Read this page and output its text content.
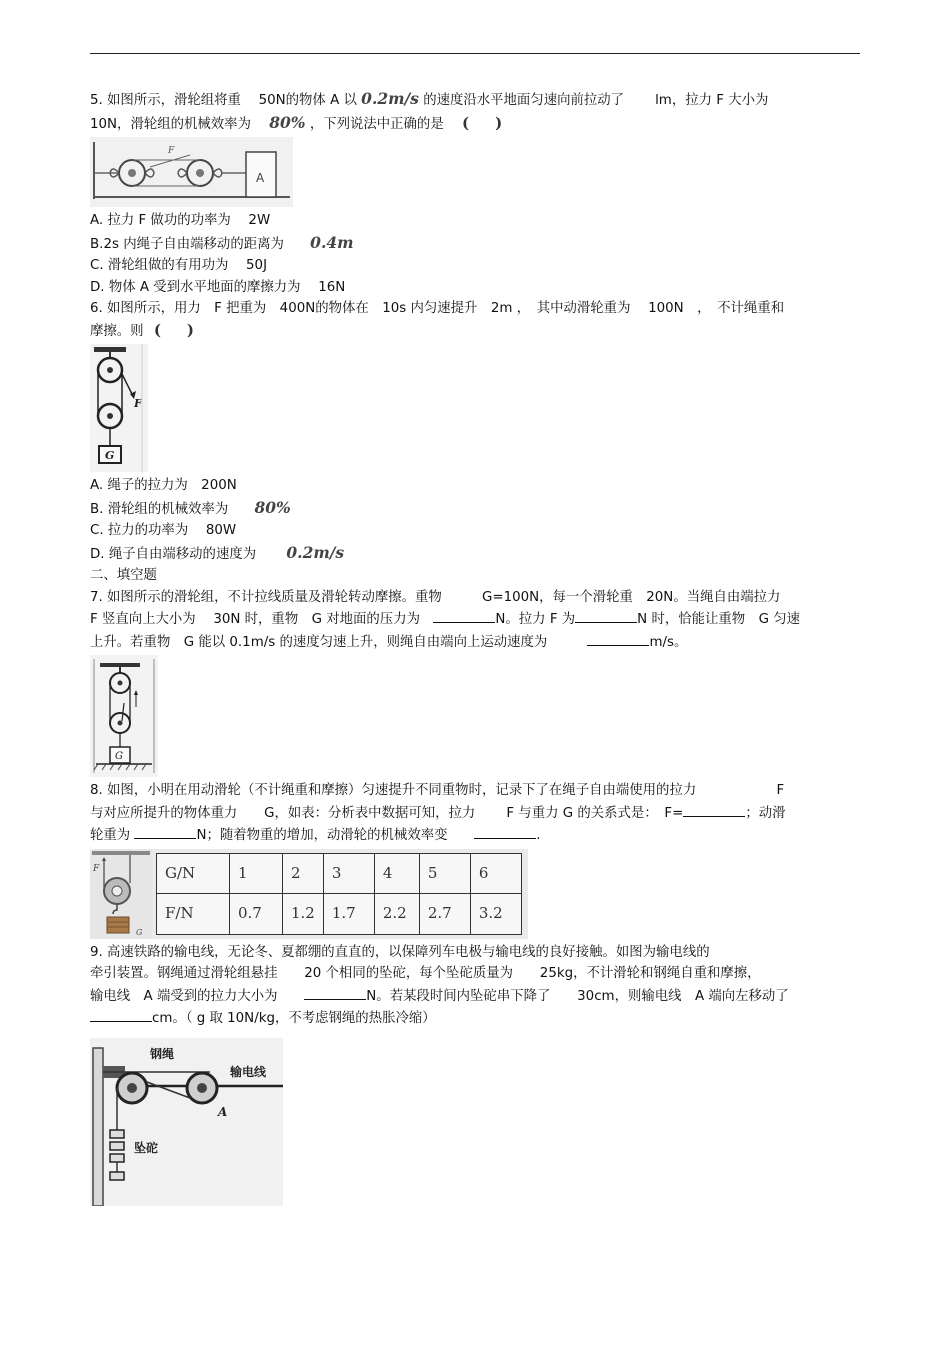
5. 如图所示，滑轮组将重　 50N的物体 A 以 0.2m/s 的速度沿水平地面匀速向前拉动了　　 lm，拉力 F 大小为
10N，滑轮组的机械效率为 80% ，下列说法中正确的是 ()
A
F
A. 拉力 F 做功的功率为　 2W
B.2s 内绳子自由端移动的距离为 0.4m
C. 滑轮组做的有用功为　 50J
D. 物体 A 受到水平地面的摩擦力为　 16N
6. 如图所示，用力　F 把重为　400N的物体在　10s 内匀速提升　2m ，　其中动滑轮重为　 100N　，　不计绳重和
摩擦。则 ()
F
G
A. 绳子的拉力为　200N
B. 滑轮组的机械效率为 80%
C. 拉力的功率为　 80W
D. 绳子自由端移动的速度为 0.2m/s
二、填空题
7. 如图所示的滑轮组，不计拉线质量及滑轮转动摩擦。重物　　　G=100N，每一个滑轮重　20N。当绳自由端拉力
F 竖直向上大小为　 30N 时，重物　G 对地面的压力为　	N。拉力 F 为	N 时，恰能让重物　G 匀速
上升。若重物　G 能以 0.1m/s 的速度匀速上升，则绳自由端向上运动速度为　　　	m/s。
G
8. 如图，小明在用动滑轮（不计绳重和摩擦）匀速提升不同重物时，记录下了在绳子自由端使用的拉力　　　　　　F
与对应所提升的物体重力　　G，如表：分析表中数据可知，拉力　　 F 与重力 G 的关系式是：　F=	；动滑
轮重为	N；随着物重的增加，动滑轮的机械效率变　　	.
F
G
G/N	1	2	3	4	5	6
F/N	0.7	1.2	1.7	2.2	2.7	3.2
9. 高速铁路的输电线，无论冬、夏都绷的直直的，以保障列车电极与输电线的良好接触。如图为输电线的
牵引装置。钢绳通过滑轮组悬挂　　20 个相同的坠砣，每个坠砣质量为　　25kg，不计滑轮和钢绳自重和摩擦，
输电线　A 端受到的拉力大小为　　	N。若某段时间内坠砣串下降了　　30cm，则输电线　A 端向左移动了
cm。（ g 取 10N/kg，不考虑钢绳的热胀冷缩）
钢绳
输电线
A
坠砣
